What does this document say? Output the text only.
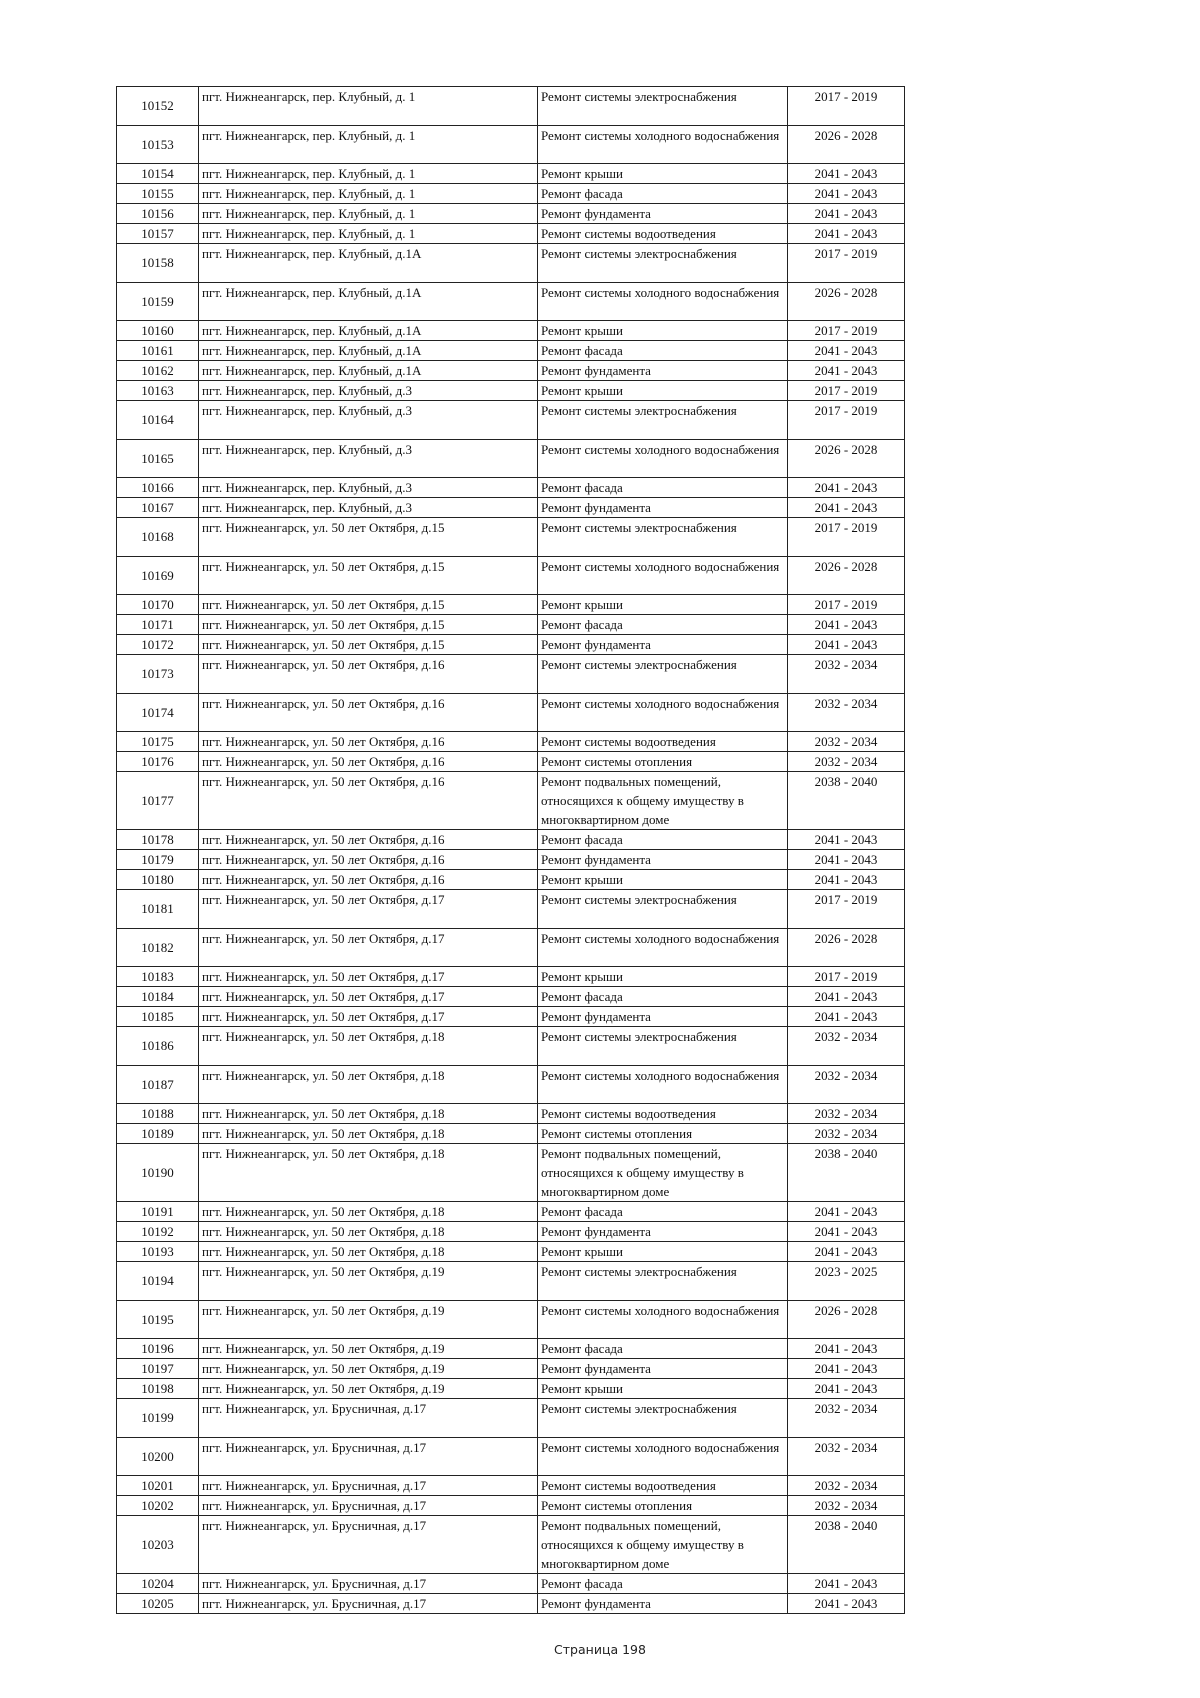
10152	пгт. Нижнеангарск, пер. Клубный, д. 1	Ремонт системы электроснабжения	2017 - 2019
10153	пгт. Нижнеангарск, пер. Клубный, д. 1	Ремонт системы холодного водоснабжения	2026 - 2028
10154	пгт. Нижнеангарск, пер. Клубный, д. 1	Ремонт крыши	2041 - 2043
10155	пгт. Нижнеангарск, пер. Клубный, д. 1	Ремонт фасада	2041 - 2043
10156	пгт. Нижнеангарск, пер. Клубный, д. 1	Ремонт фундамента	2041 - 2043
10157	пгт. Нижнеангарск, пер. Клубный, д. 1	Ремонт системы водоотведения	2041 - 2043
10158	пгт. Нижнеангарск, пер. Клубный, д.1А	Ремонт системы электроснабжения	2017 - 2019
10159	пгт. Нижнеангарск, пер. Клубный, д.1А	Ремонт системы холодного водоснабжения	2026 - 2028
10160	пгт. Нижнеангарск, пер. Клубный, д.1А	Ремонт крыши	2017 - 2019
10161	пгт. Нижнеангарск, пер. Клубный, д.1А	Ремонт фасада	2041 - 2043
10162	пгт. Нижнеангарск, пер. Клубный, д.1А	Ремонт фундамента	2041 - 2043
10163	пгт. Нижнеангарск, пер. Клубный, д.3	Ремонт крыши	2017 - 2019
10164	пгт. Нижнеангарск, пер. Клубный, д.3	Ремонт системы электроснабжения	2017 - 2019
10165	пгт. Нижнеангарск, пер. Клубный, д.3	Ремонт системы холодного водоснабжения	2026 - 2028
10166	пгт. Нижнеангарск, пер. Клубный, д.3	Ремонт фасада	2041 - 2043
10167	пгт. Нижнеангарск, пер. Клубный, д.3	Ремонт фундамента	2041 - 2043
10168	пгт. Нижнеангарск, ул. 50 лет Октября, д.15	Ремонт системы электроснабжения	2017 - 2019
10169	пгт. Нижнеангарск, ул. 50 лет Октября, д.15	Ремонт системы холодного водоснабжения	2026 - 2028
10170	пгт. Нижнеангарск, ул. 50 лет Октября, д.15	Ремонт крыши	2017 - 2019
10171	пгт. Нижнеангарск, ул. 50 лет Октября, д.15	Ремонт фасада	2041 - 2043
10172	пгт. Нижнеангарск, ул. 50 лет Октября, д.15	Ремонт фундамента	2041 - 2043
10173	пгт. Нижнеангарск, ул. 50 лет Октября, д.16	Ремонт системы электроснабжения	2032 - 2034
10174	пгт. Нижнеангарск, ул. 50 лет Октября, д.16	Ремонт системы холодного водоснабжения	2032 - 2034
10175	пгт. Нижнеангарск, ул. 50 лет Октября, д.16	Ремонт системы водоотведения	2032 - 2034
10176	пгт. Нижнеангарск, ул. 50 лет Октября, д.16	Ремонт системы отопления	2032 - 2034
10177	пгт. Нижнеангарск, ул. 50 лет Октября, д.16	Ремонт подвальных помещений, относящихся к общему имуществу в многоквартирном доме	2038 - 2040
10178	пгт. Нижнеангарск, ул. 50 лет Октября, д.16	Ремонт фасада	2041 - 2043
10179	пгт. Нижнеангарск, ул. 50 лет Октября, д.16	Ремонт фундамента	2041 - 2043
10180	пгт. Нижнеангарск, ул. 50 лет Октября, д.16	Ремонт крыши	2041 - 2043
10181	пгт. Нижнеангарск, ул. 50 лет Октября, д.17	Ремонт системы электроснабжения	2017 - 2019
10182	пгт. Нижнеангарск, ул. 50 лет Октября, д.17	Ремонт системы холодного водоснабжения	2026 - 2028
10183	пгт. Нижнеангарск, ул. 50 лет Октября, д.17	Ремонт крыши	2017 - 2019
10184	пгт. Нижнеангарск, ул. 50 лет Октября, д.17	Ремонт фасада	2041 - 2043
10185	пгт. Нижнеангарск, ул. 50 лет Октября, д.17	Ремонт фундамента	2041 - 2043
10186	пгт. Нижнеангарск, ул. 50 лет Октября, д.18	Ремонт системы электроснабжения	2032 - 2034
10187	пгт. Нижнеангарск, ул. 50 лет Октября, д.18	Ремонт системы холодного водоснабжения	2032 - 2034
10188	пгт. Нижнеангарск, ул. 50 лет Октября, д.18	Ремонт системы водоотведения	2032 - 2034
10189	пгт. Нижнеангарск, ул. 50 лет Октября, д.18	Ремонт системы отопления	2032 - 2034
10190	пгт. Нижнеангарск, ул. 50 лет Октября, д.18	Ремонт подвальных помещений, относящихся к общему имуществу в многоквартирном доме	2038 - 2040
10191	пгт. Нижнеангарск, ул. 50 лет Октября, д.18	Ремонт фасада	2041 - 2043
10192	пгт. Нижнеангарск, ул. 50 лет Октября, д.18	Ремонт фундамента	2041 - 2043
10193	пгт. Нижнеангарск, ул. 50 лет Октября, д.18	Ремонт крыши	2041 - 2043
10194	пгт. Нижнеангарск, ул. 50 лет Октября, д.19	Ремонт системы электроснабжения	2023 - 2025
10195	пгт. Нижнеангарск, ул. 50 лет Октября, д.19	Ремонт системы холодного водоснабжения	2026 - 2028
10196	пгт. Нижнеангарск, ул. 50 лет Октября, д.19	Ремонт фасада	2041 - 2043
10197	пгт. Нижнеангарск, ул. 50 лет Октября, д.19	Ремонт фундамента	2041 - 2043
10198	пгт. Нижнеангарск, ул. 50 лет Октября, д.19	Ремонт крыши	2041 - 2043
10199	пгт. Нижнеангарск, ул. Брусничная, д.17	Ремонт системы электроснабжения	2032 - 2034
10200	пгт. Нижнеангарск, ул. Брусничная, д.17	Ремонт системы холодного водоснабжения	2032 - 2034
10201	пгт. Нижнеангарск, ул. Брусничная, д.17	Ремонт системы водоотведения	2032 - 2034
10202	пгт. Нижнеангарск, ул. Брусничная, д.17	Ремонт системы отопления	2032 - 2034
10203	пгт. Нижнеангарск, ул. Брусничная, д.17	Ремонт подвальных помещений, относящихся к общему имуществу в многоквартирном доме	2038 - 2040
10204	пгт. Нижнеангарск, ул. Брусничная, д.17	Ремонт фасада	2041 - 2043
10205	пгт. Нижнеангарск, ул. Брусничная, д.17	Ремонт фундамента	2041 - 2043
Страница 198
